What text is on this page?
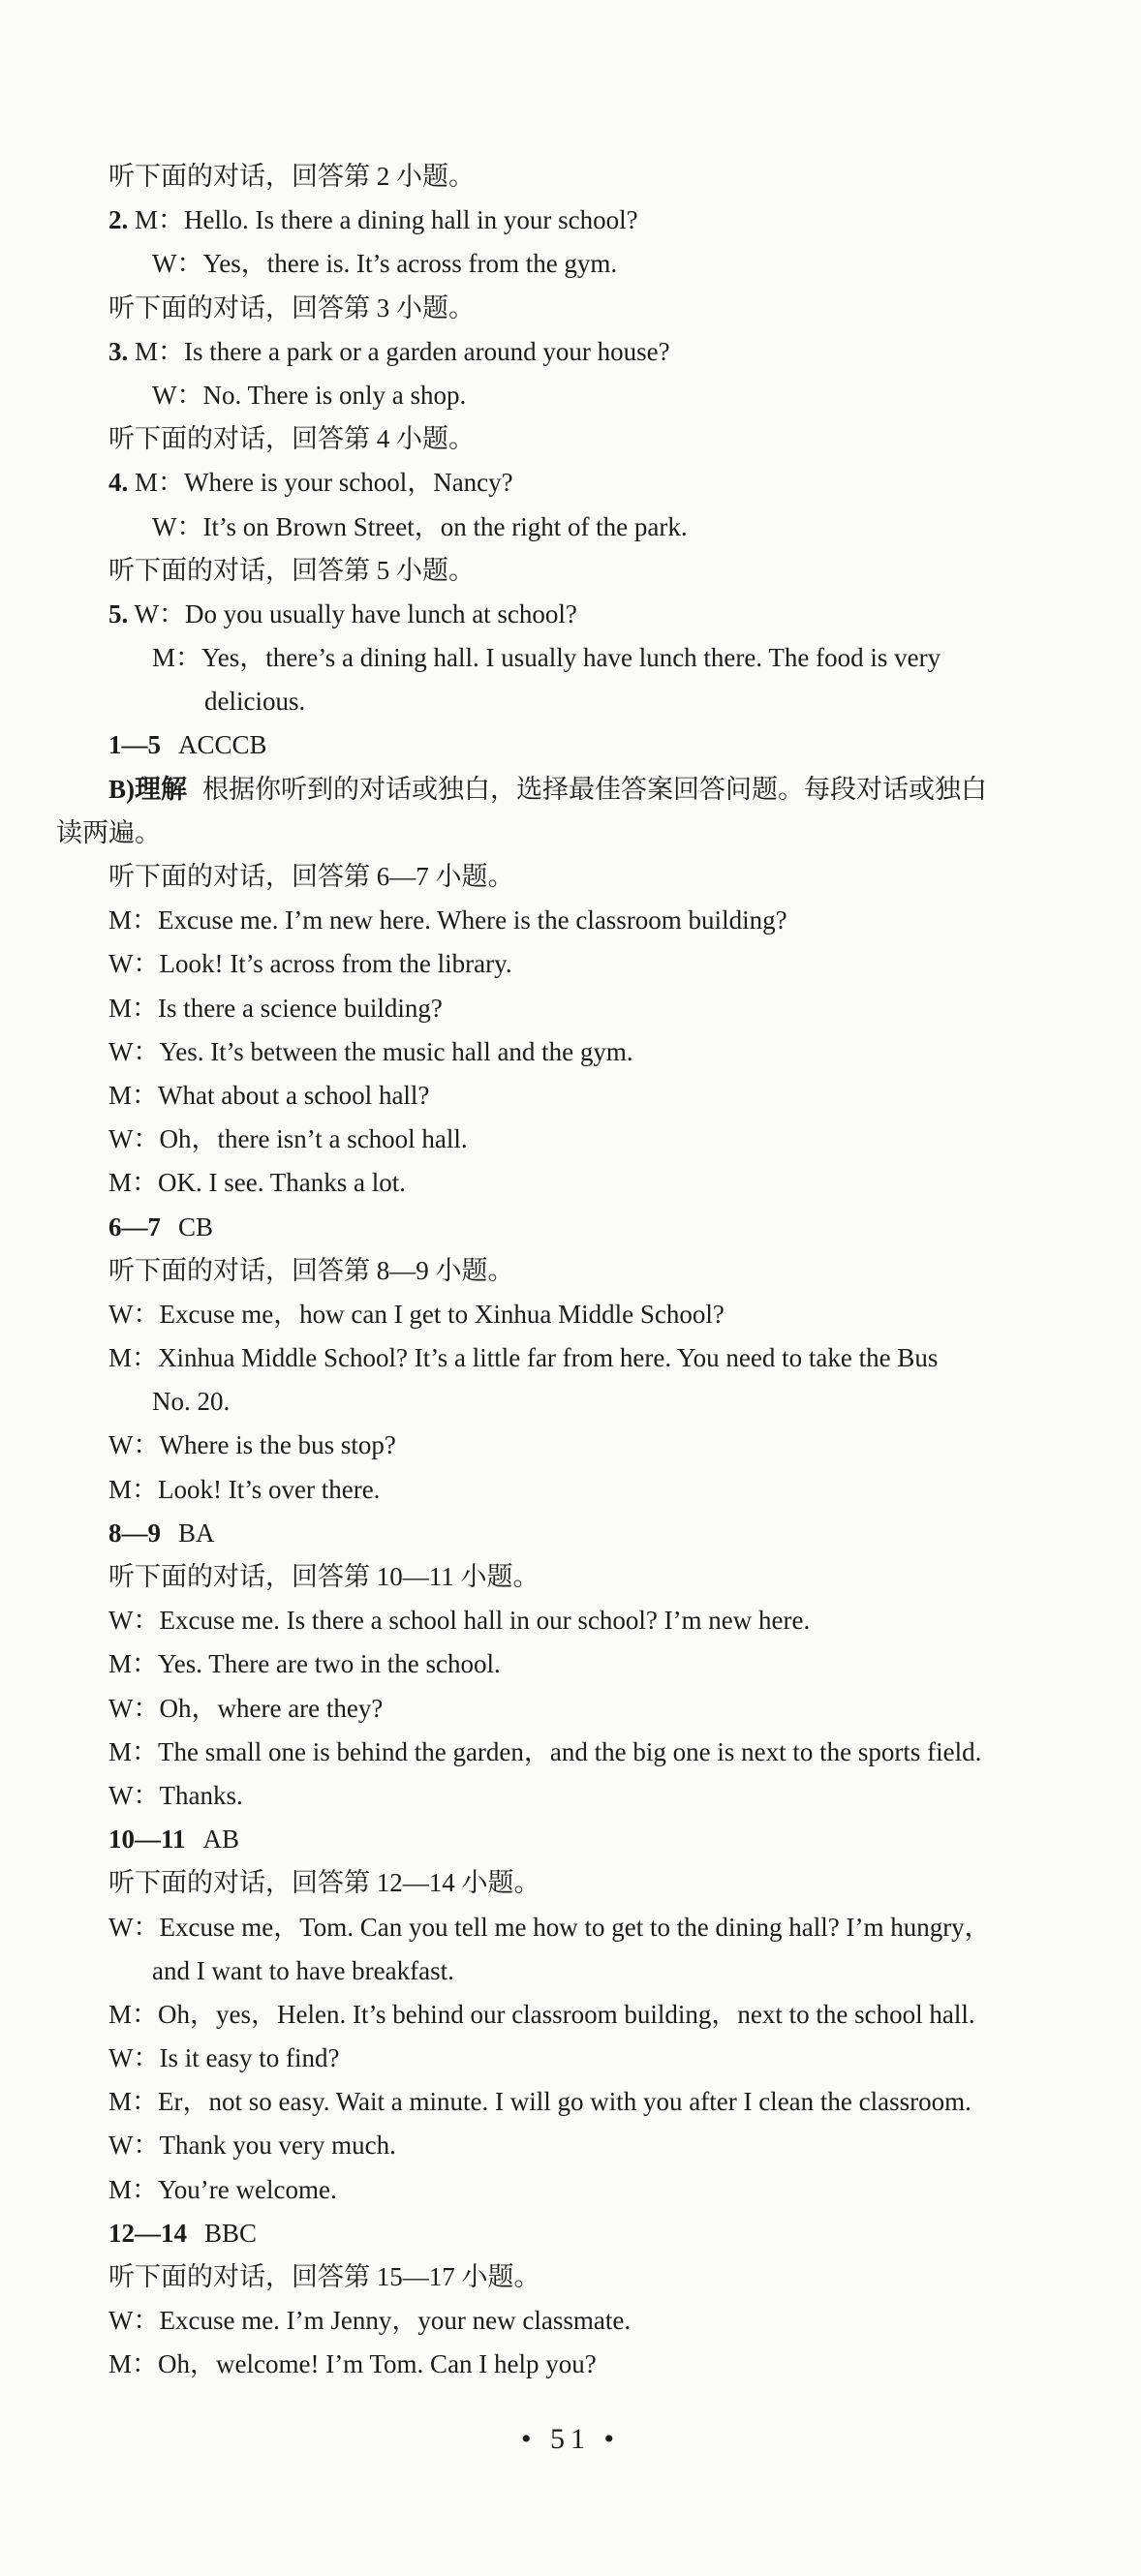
听下面的对话，回答第 2 小题。
2. M：Hello. Is there a dining hall in your school?
W：Yes，there is. It’s across from the gym.
听下面的对话，回答第 3 小题。
3. M：Is there a park or a garden around your house?
W：No. There is only a shop.
听下面的对话，回答第 4 小题。
4. M：Where is your school，Nancy?
W：It’s on Brown Street，on the right of the park.
听下面的对话，回答第 5 小题。
5. W：Do you usually have lunch at school?
M：Yes，there’s a dining hall. I usually have lunch there. The food is very
delicious.
1—5 ACCCB
B)理解 根据你听到的对话或独白，选择最佳答案回答问题。每段对话或独白
读两遍。
听下面的对话，回答第 6—7 小题。
M：Excuse me. I’m new here. Where is the classroom building?
W：Look! It’s across from the library.
M：Is there a science building?
W：Yes. It’s between the music hall and the gym.
M：What about a school hall?
W：Oh，there isn’t a school hall.
M：OK. I see. Thanks a lot.
6—7 CB
听下面的对话，回答第 8—9 小题。
W：Excuse me，how can I get to Xinhua Middle School?
M：Xinhua Middle School? It’s a little far from here. You need to take the Bus
No. 20.
W：Where is the bus stop?
M：Look! It’s over there.
8—9 BA
听下面的对话，回答第 10—11 小题。
W：Excuse me. Is there a school hall in our school? I’m new here.
M：Yes. There are two in the school.
W：Oh，where are they?
M：The small one is behind the garden，and the big one is next to the sports field.
W：Thanks.
10—11 AB
听下面的对话，回答第 12—14 小题。
W：Excuse me，Tom. Can you tell me how to get to the dining hall? I’m hungry，
and I want to have breakfast.
M：Oh，yes，Helen. It’s behind our classroom building，next to the school hall.
W：Is it easy to find?
M：Er，not so easy. Wait a minute. I will go with you after I clean the classroom.
W：Thank you very much.
M：You’re welcome.
12—14 BBC
听下面的对话，回答第 15—17 小题。
W：Excuse me. I’m Jenny，your new classmate.
M：Oh，welcome! I’m Tom. Can I help you?
• 51 •
